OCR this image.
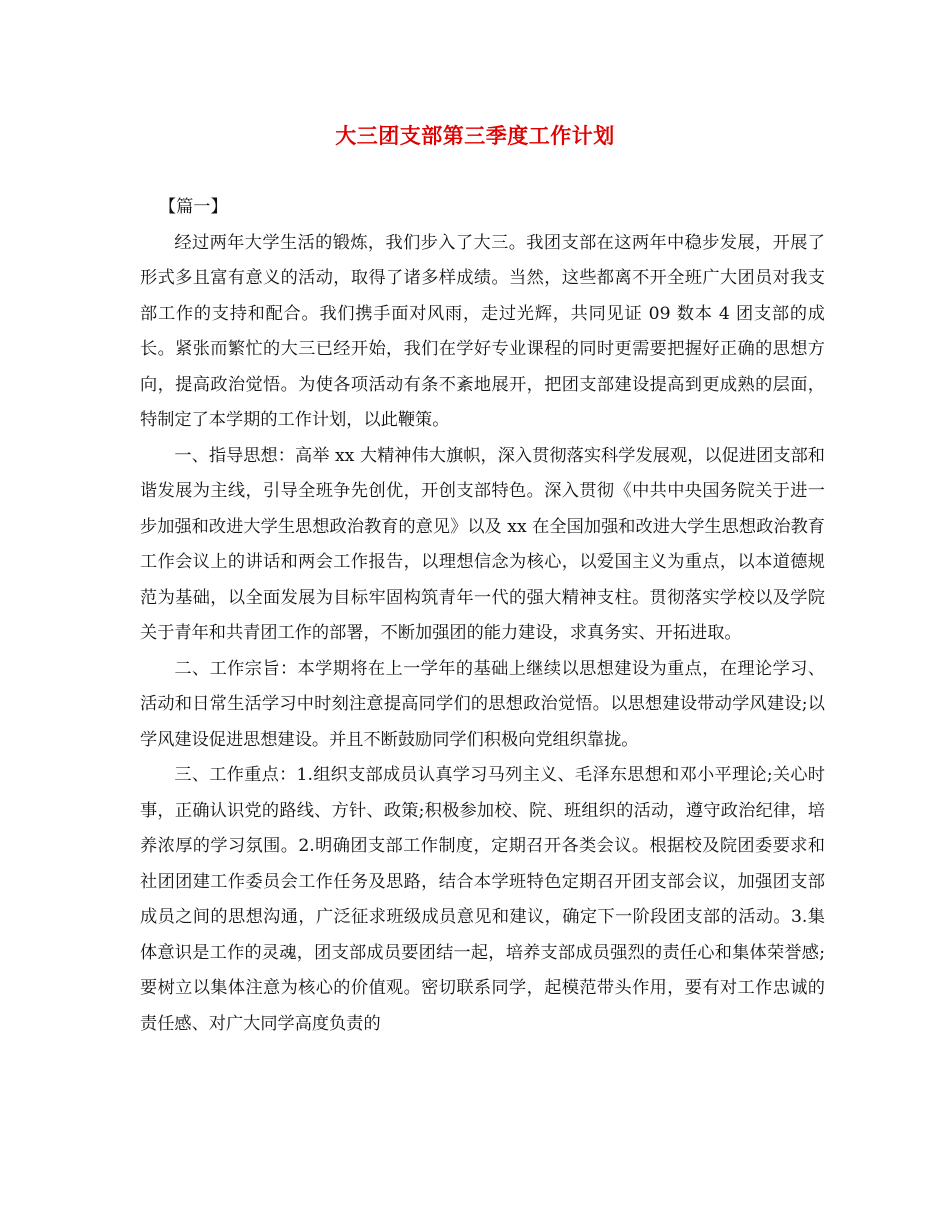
大三团支部第三季度工作计划

【篇一】

经过两年大学生活的锻炼，我们步入了大三。我团支部在这两年中稳步发展，开展了形式多且富有意义的活动，取得了诸多样成绩。当然，这些都离不开全班广大团员对我支部工作的支持和配合。我们携手面对风雨，走过光辉，共同见证 09 数本 4 团支部的成长。紧张而繁忙的大三已经开始，我们在学好专业课程的同时更需要把握好正确的思想方向，提高政治觉悟。为使各项活动有条不紊地展开，把团支部建设提高到更成熟的层面，特制定了本学期的工作计划，以此鞭策。

一、指导思想：高举 xx 大精神伟大旗帜，深入贯彻落实科学发展观，以促进团支部和谐发展为主线，引导全班争先创优，开创支部特色。深入贯彻《中共中央国务院关于进一步加强和改进大学生思想政治教育的意见》以及 xx 在全国加强和改进大学生思想政治教育工作会议上的讲话和两会工作报告，以理想信念为核心，以爱国主义为重点，以本道德规范为基础，以全面发展为目标牢固构筑青年一代的强大精神支柱。贯彻落实学校以及学院关于青年和共青团工作的部署，不断加强团的能力建设，求真务实、开拓进取。

二、工作宗旨：本学期将在上一学年的基础上继续以思想建设为重点，在理论学习、活动和日常生活学习中时刻注意提高同学们的思想政治觉悟。以思想建设带动学风建设;以学风建设促进思想建设。并且不断鼓励同学们积极向党组织靠拢。

三、工作重点：1.组织支部成员认真学习马列主义、毛泽东思想和邓小平理论;关心时事，正确认识党的路线、方针、政策;积极参加校、院、班组织的活动，遵守政治纪律，培养浓厚的学习氛围。2.明确团支部工作制度，定期召开各类会议。根据校及院团委要求和社团团建工作委员会工作任务及思路，结合本学班特色定期召开团支部会议，加强团支部成员之间的思想沟通，广泛征求班级成员意见和建议，确定下一阶段团支部的活动。3.集体意识是工作的灵魂，团支部成员要团结一起，培养支部成员强烈的责任心和集体荣誉感;要树立以集体注意为核心的价值观。密切联系同学，起模范带头作用，要有对工作忠诚的责任感、对广大同学高度负责的
